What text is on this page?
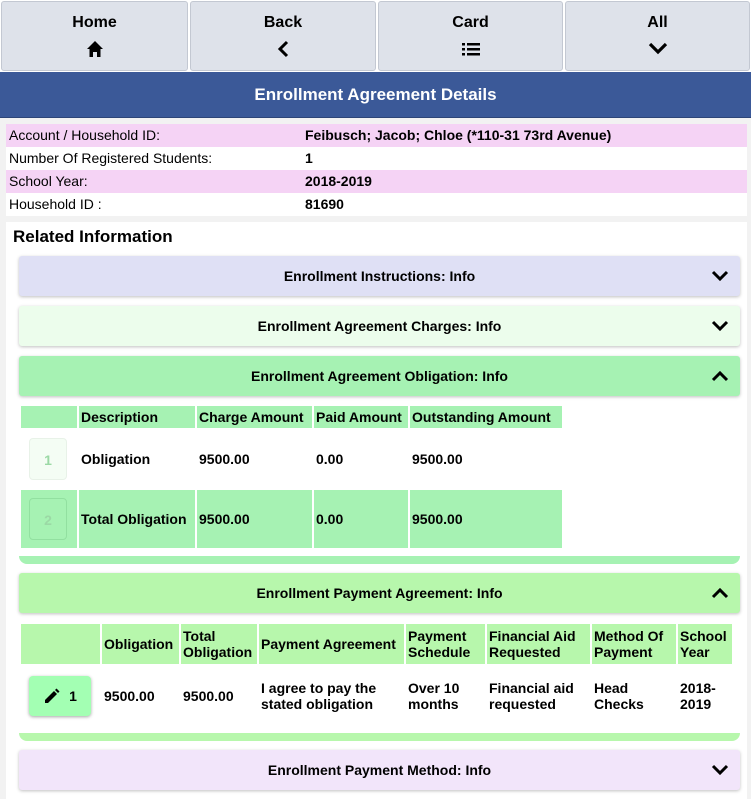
Home	Back	Card	All
Enrollment Agreement Details
Account / Household ID:	Feibusch; Jacob; Chloe (*110-31 73rd Avenue)
Number Of Registered Students:	1
School Year:	2018-2019
Household ID :	81690
Related Information
Enrollment Instructions: Info
Enrollment Agreement Charges: Info
Enrollment Agreement Obligation: Info
	Description	Charge Amount	Paid Amount	Outstanding Amount
1	Obligation	9500.00	0.00	9500.00
2	Total Obligation	9500.00	0.00	9500.00
Enrollment Payment Agreement: Info
	Obligation	Total Obligation	Payment Agreement	Payment Schedule	Financial Aid Requested	Method Of Payment	School Year

1	9500.00	9500.00	I agree to pay the stated obligation	Over 10 months	Financial aid requested	Head Checks	2018-2019
Enrollment Payment Method: Info
